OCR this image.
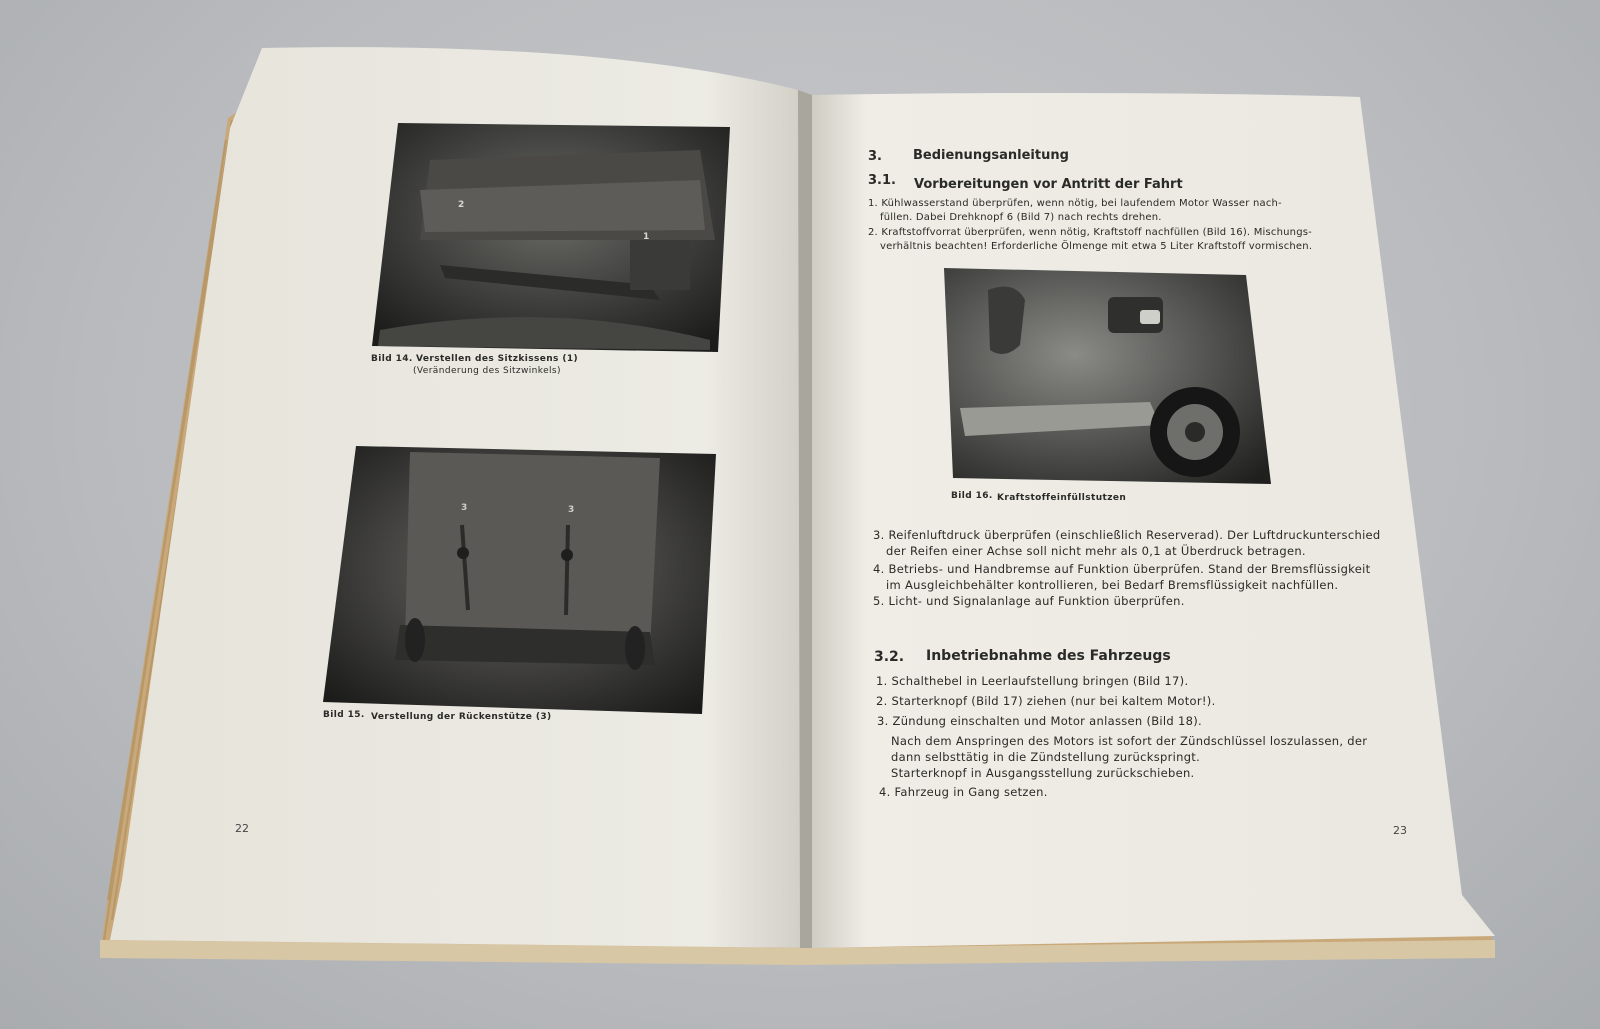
2
1
Bild 14. Verstellen des Sitzkissens (1)
(Veränderung des Sitzwinkels)
3	3
Bild 15. Verstellung der Rückenstütze (3)
22
3. Bedienungsanleitung
3.1. Vorbereitungen vor Antritt der Fahrt
1. Kühlwasserstand überprüfen, wenn nötig, bei laufendem Motor Wasser nach-
füllen. Dabei Drehknopf 6 (Bild 7) nach rechts drehen.
2. Kraftstoffvorrat überprüfen, wenn nötig, Kraftstoff nachfüllen (Bild 16). Mischungs-
verhältnis beachten! Erforderliche Ölmenge mit etwa 5 Liter Kraftstoff vormischen.
Bild 16. Kraftstoffeinfüllstutzen
3. Reifenluftdruck überprüfen (einschließlich Reserverad). Der Luftdruckunterschied
der Reifen einer Achse soll nicht mehr als 0,1 at Überdruck betragen.
4. Betriebs- und Handbremse auf Funktion überprüfen. Stand der Bremsflüssigkeit
im Ausgleichbehälter kontrollieren, bei Bedarf Bremsflüssigkeit nachfüllen.
5. Licht- und Signalanlage auf Funktion überprüfen.
3.2. Inbetriebnahme des Fahrzeugs
1. Schalthebel in Leerlaufstellung bringen (Bild 17).
2. Starterknopf (Bild 17) ziehen (nur bei kaltem Motor!).
3. Zündung einschalten und Motor anlassen (Bild 18).
Nach dem Anspringen des Motors ist sofort der Zündschlüssel loszulassen, der
dann selbsttätig in die Zündstellung zurückspringt.
Starterknopf in Ausgangsstellung zurückschieben.
4. Fahrzeug in Gang setzen.
23
